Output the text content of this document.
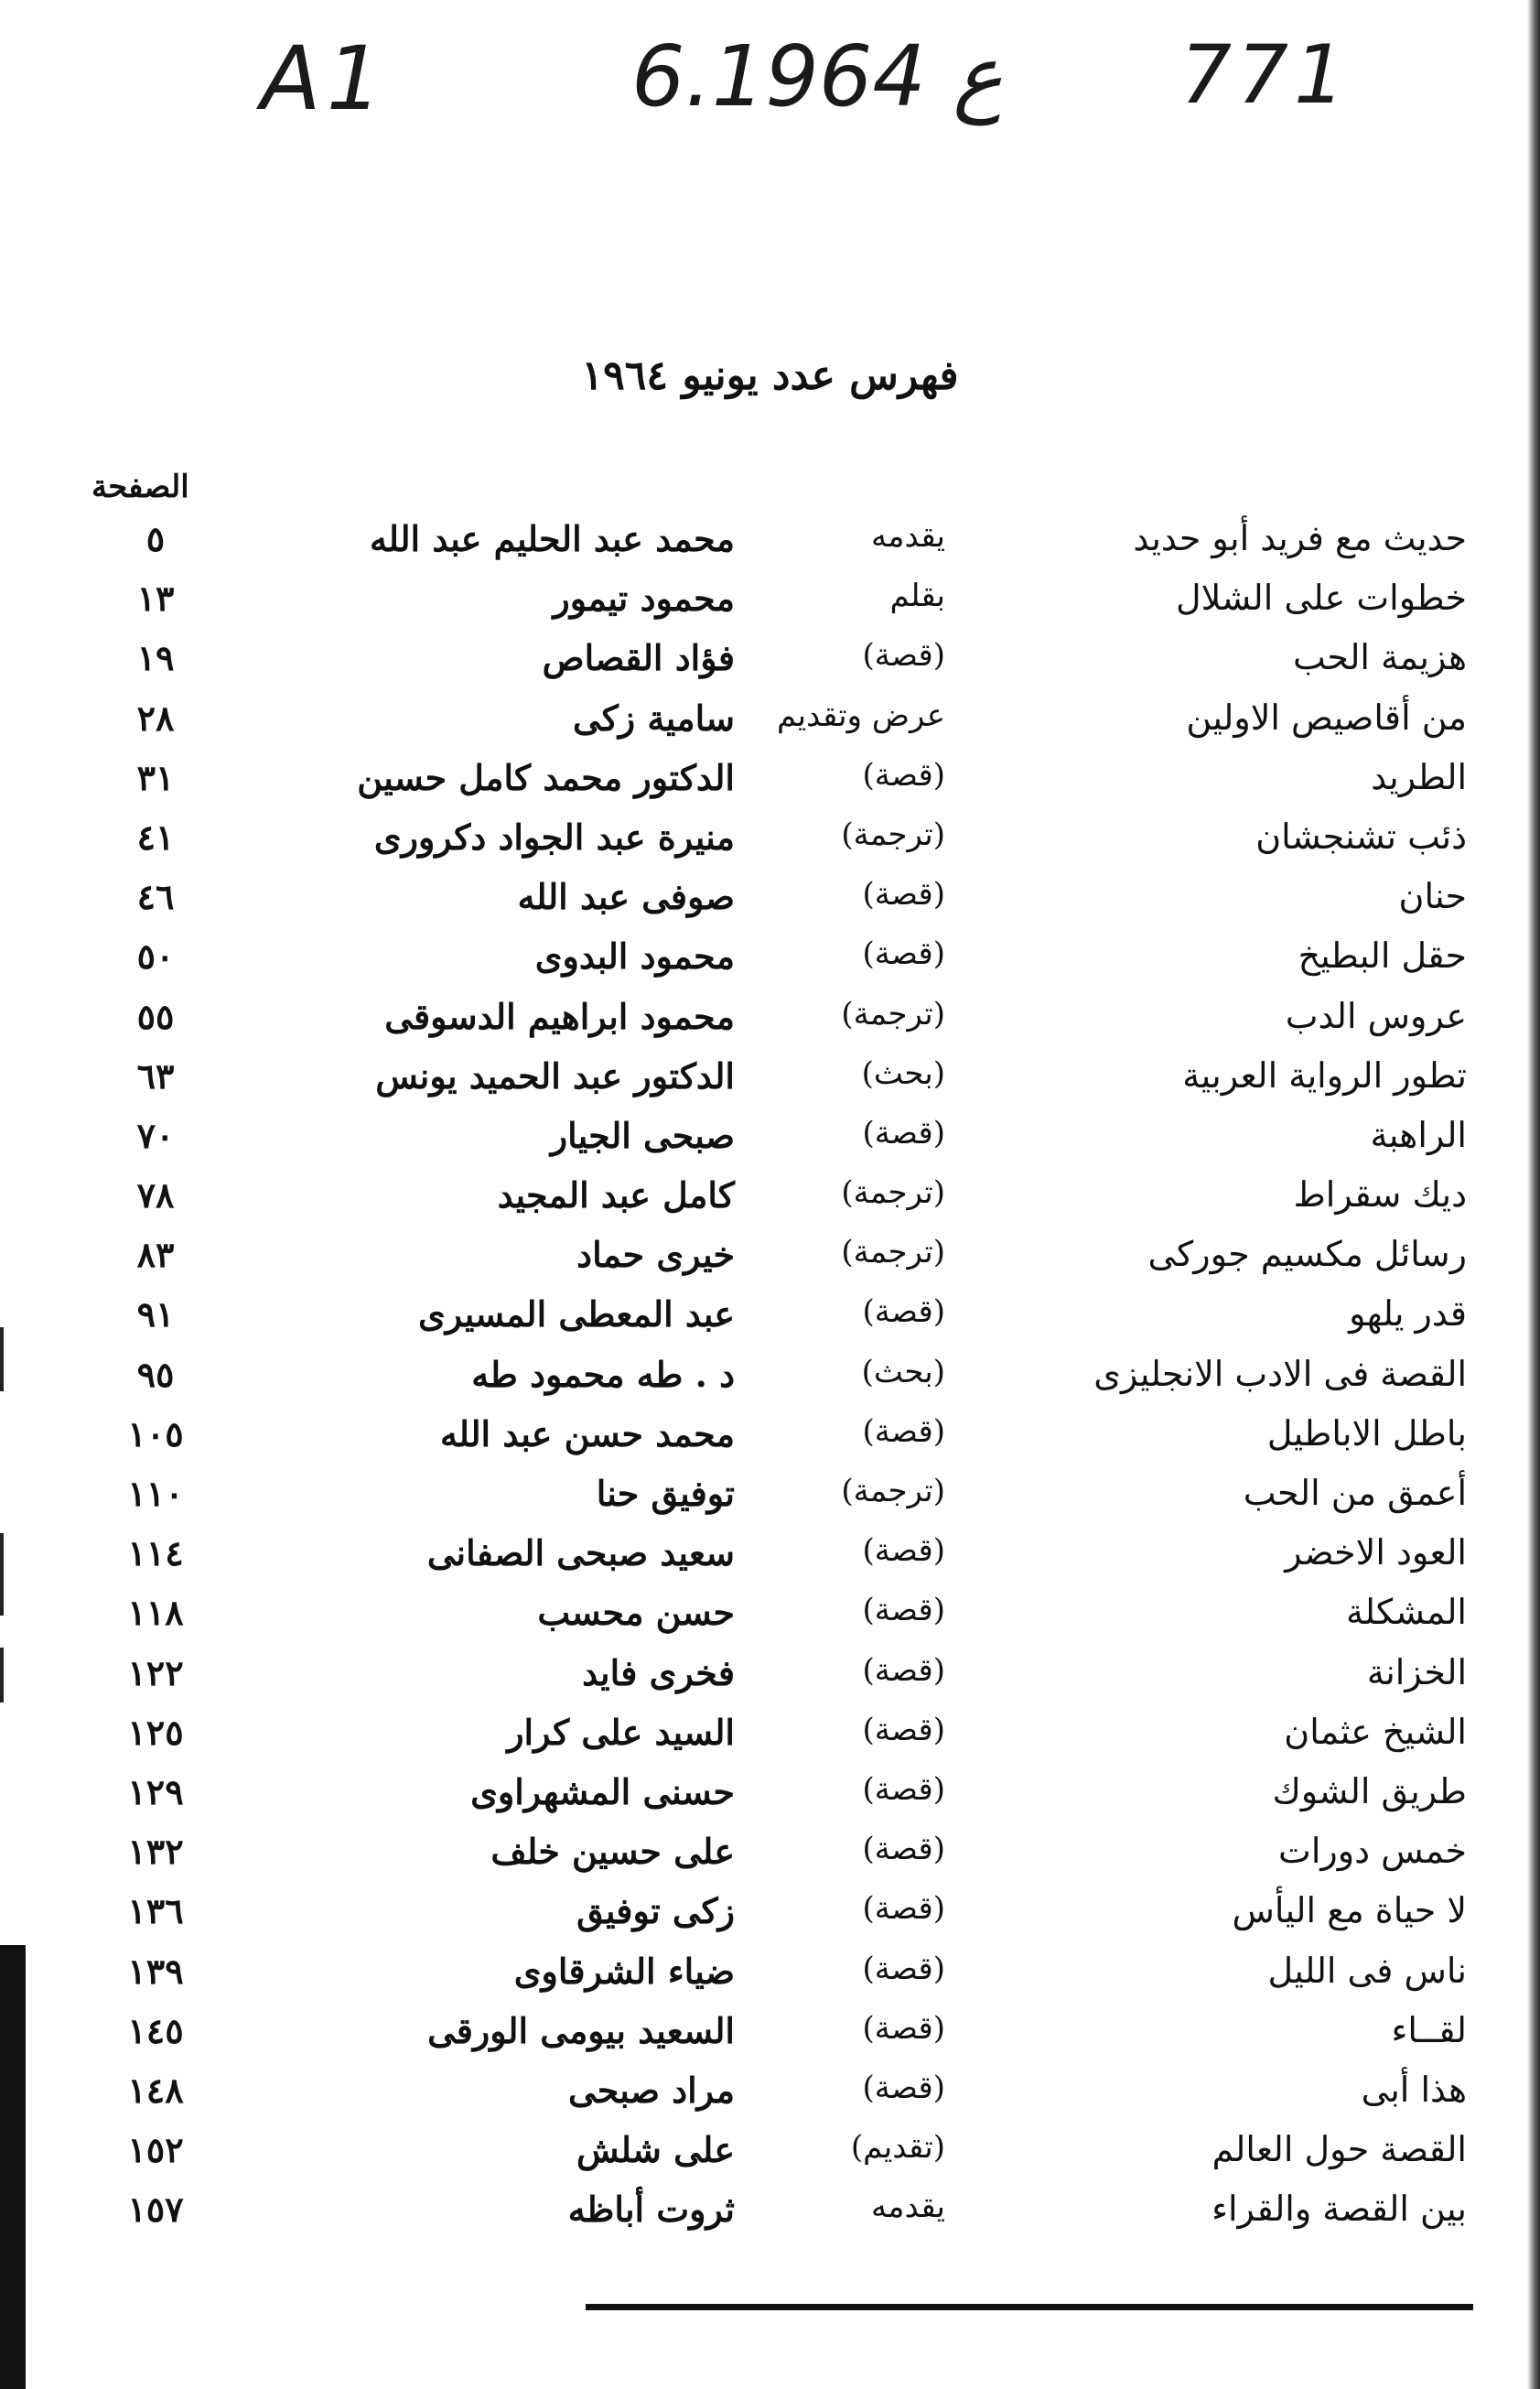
A1	6.ع 1964 771
فهرس عدد يونيو ١٩٦٤
الصفحة
حديث مع فريد أبو حديد
يقدمه
محمد عبد الحليم عبد الله
٥
خطوات على الشلال
بقلم
محمود تيمور
١٣
هزيمة الحب
(قصة)
فؤاد القصاص
١٩
من أقاصيص الاولين
عرض وتقديم
سامية زكى
٢٨
الطريد
(قصة)
الدكتور محمد كامل حسين
٣١
ذئب تشنجشان
(ترجمة)
منيرة عبد الجواد دكرورى
٤١
حنان
(قصة)
صوفى عبد الله
٤٦
حقل البطيخ
(قصة)
محمود البدوى
٥٠
عروس الدب
(ترجمة)
محمود ابراهيم الدسوقى
٥٥
تطور الرواية العربية
(بحث)
الدكتور عبد الحميد يونس
٦٣
الراهبة
(قصة)
صبحى الجيار
٧٠
ديك سقراط
(ترجمة)
كامل عبد المجيد
٧٨
رسائل مكسيم جوركى
(ترجمة)
خيرى حماد
٨٣
قدر يلهو
(قصة)
عبد المعطى المسيرى
٩١
القصة فى الادب الانجليزى
(بحث)
د . طه محمود طه
٩٥
باطل الاباطيل
(قصة)
محمد حسن عبد الله
١٠٥
أعمق من الحب
(ترجمة)
توفيق حنا
١١٠
العود الاخضر
(قصة)
سعيد صبحى الصفانى
١١٤
المشكلة
(قصة)
حسن محسب
١١٨
الخزانة
(قصة)
فخرى فايد
١٢٢
الشيخ عثمان
(قصة)
السيد على كرار
١٢٥
طريق الشوك
(قصة)
حسنى المشهراوى
١٢٩
خمس دورات
(قصة)
على حسين خلف
١٣٢
لا حياة مع اليأس
(قصة)
زكى توفيق
١٣٦
ناس فى الليل
(قصة)
ضياء الشرقاوى
١٣٩
لقــاء
(قصة)
السعيد بيومى الورقى
١٤٥
هذا أبى
(قصة)
مراد صبحى
١٤٨
القصة حول العالم
(تقديم)
على شلش
١٥٢
بين القصة والقراء
يقدمه
ثروت أباظه
١٥٧
